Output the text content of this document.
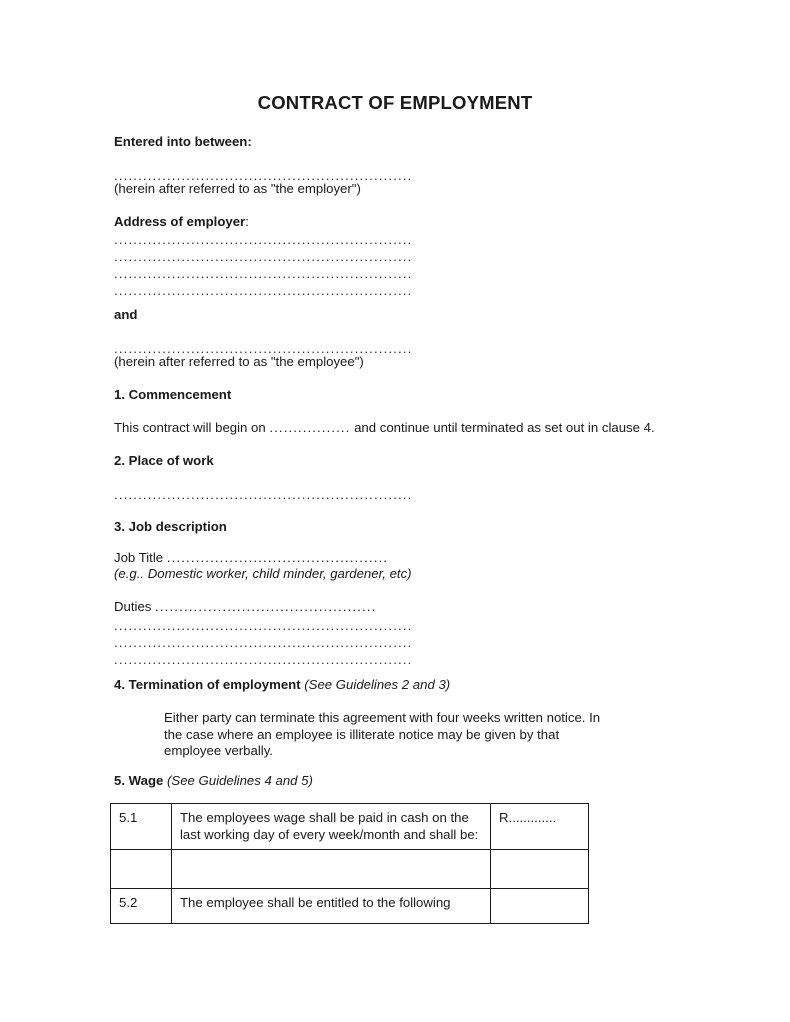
CONTRACT OF EMPLOYMENT
Entered into between:
..............................................................
(herein after referred to as "the employer")
Address of employer:
..............................................................
..............................................................
..............................................................
..............................................................
and
..............................................................
(herein after referred to as "the employee")
1. Commencement
This contract will begin on ................. and continue until terminated as set out in clause 4.
2. Place of work
..............................................................
3. Job description
Job Title ..............................................
(e.g.. Domestic worker, child minder, gardener, etc)
Duties ..............................................
..............................................................
..............................................................
..............................................................
4. Termination of employment (See Guidelines 2 and 3)
Either party can terminate this agreement with four weeks written notice. In the case where an employee is illiterate notice may be given by that employee verbally.
5. Wage (See Guidelines 4 and 5)
5.1	The employees wage shall be paid in cash on the last working day of every week/month and shall be:	R.............

5.2	The employee shall be entitled to the following	
